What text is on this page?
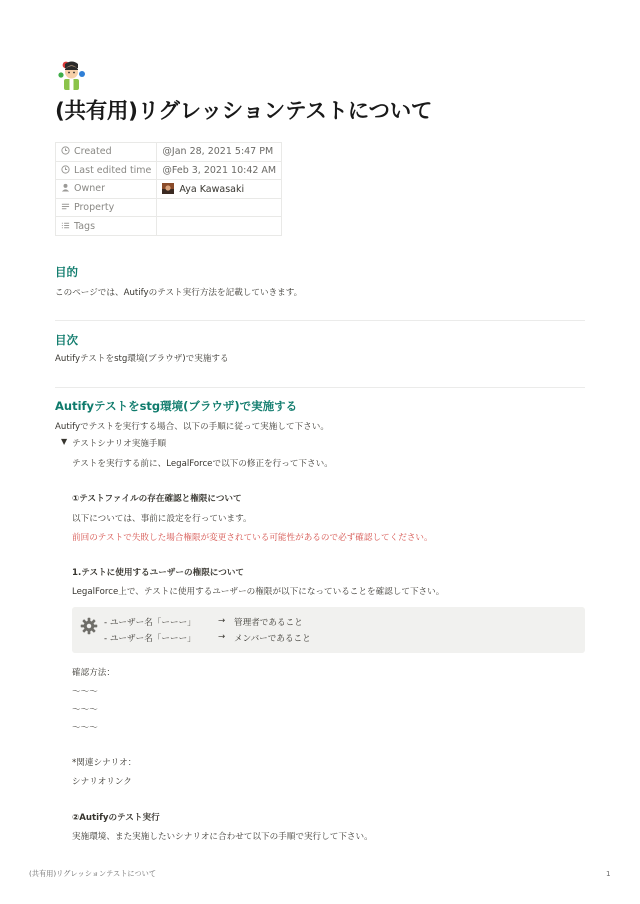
(共有用)リグレッションテストについて
Created	@Jan 28, 2021 5:47 PM
Last edited time	@Feb 3, 2021 10:42 AM
Owner	Aya Kawasaki
Property	
Tags	
目的

このページでは、Autifyのテスト実行方法を記載していきます。

目次

Autifyテストをstg環境(ブラウザ)で実施する

Autifyテストをstg環境(ブラウザ)で実施する

Autifyでテストを実行する場合、以下の手順に従って実施して下さい。

▼ テストシナリオ実施手順

テストを実行する前に、LegalForceで以下の修正を行って下さい。

①テストファイルの存在確認と権限について

以下については、事前に設定を行っています。

前回のテストで失敗した場合権限が変更されている可能性があるので必ず確認してください。

1.テストに使用するユーザーの権限について

LegalForce上で、テストに使用するユーザーの権限が以下になっていることを確認して下さい。

- ユーザー名「ーーー」	→ 管理者であること
- ユーザー名「ーーー」	→ メンバーであること

確認方法：

〜〜〜

〜〜〜

〜〜〜

*関連シナリオ：

シナリオリンク

②Autifyのテスト実行

実施環境、また実施したいシナリオに合わせて以下の手順で実行して下さい。

(共有用)リグレッションテストについて	1
